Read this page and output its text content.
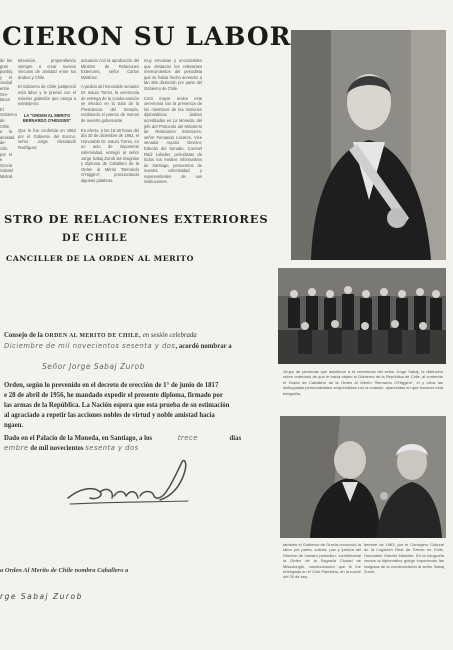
CIERON SU LABOR

de las gran pueblo, y el ciedad entre Gre- lanza

El Gobierno de Chile a la amistad de- ción por el e Grecia Gabriel Mistral.

televisión, propendiendo siempre a crear nuevos vínculos de amistad entre los árabes y Chile.

El Gobierno de Chile justipreció esta labor y le premió con el máximo galardón que otorga a extranjeros:

LA "ORDEN AL MERITO BERNARDO O'HIGGINS"

Que le fue conferida en 1962 por el Gobierno del Excmo. señor Jorge Alessandri Rodríguez

actuando con la aprobación del Ministro de Relaciones Exteriores, señor Carlos Martínez.

A pedido del honorable senador Dr. Isauro Torres, la ceremonia de entrega de la condecoración se efectuó en la Sala de la Presidencia del Senado, recibiendo el premio de manos de nuestro gobernante.

En efecto, a las 19.30 horas del día 30 de diciembre de 1962, el Honorable Dr. Isauro Torres, en un acto de imponente solemnidad, entregó al señor Jorge Sabaj Zurob las insignias y Diploma de Caballero de la Orden al Mérito "Bernardo O'Higgins", pronunciando algunas palabras.

muy emotivas y encomiables que destacan los relevantes merecimientos del periodista que se había hecho acreedor a tan alta distinción por parte del Gobierno de Chile.

Creó mayor realce esta ceremonia con la presencia de los miembros de las misiones diplomáticas árabes acreditadas en La Moneda, del jefe del Protocolo del Ministerio de Relaciones Exteriores, señor Fernando Lecaros, Vice senador Aquino Devisor, Edecán del Senado, Coronel Raúl Lobelier, periodistas de todos los medios informativos de Santiago, personeros de nuestra colectividad y representantes de sus instituciones.

STRO DE RELACIONES EXTERIORES
DE CHILE
CANCILLER DE LA ORDEN AL MERITO
Consejo de la ORDEN AL MERITO DE CHILE, en sesión celebrada
Diciembre de mil novecientos sesenta y dos, acordó nombrar a
Señor Jorge Sabaj Zurob
Orden, según lo prevenido en el decreto de erección de 1° de junio de 1817
e 28 de abril de 1956, he mandado expedir el presente diploma, firmado por
las armas de la República. La Nación espera que esta prueba de su estimación
al agraciado a repetir las acciones nobles de virtud y noble amistad hacia
ngaen.
Dado en el Palacio de la Moneda, en Santiago, a los	trece	días
embre de mil novecientos sesenta y dos
a Orden Al Merito de Chile nombra Caballero a
rge Sabaj Zurob
Grupo de personas que asistieron a la ceremonia del señor Jorge Sabaj, la distinción sobre ordenario de que le hacía objeto el Gobierno de la República de Chile, al conferirle el Grado de Caballero de la Orden Al Mérito "Bernardo O'Higgins", el y otros las distinguidas personalidades sorprendidas con la ocasión, aparecidas en que tomaron esta fotografía.
también el Gobierno de Grecia reconoció la labor por patria, cultura, paz y justicia del Director de nuestro periódico, confiriéndole la Orden de la Sagrada Ciudad de Missolonghi, condecoración que le fue entregada en el Club Palestino, en la noche del 26 de sep-
tiembre de 1963, por el Consejero Cultural de la Legación Real de Grecia en Chile, Honorable Gabriel Mistrotis. En la fotografía vemos al diplomático griego imponiendo las insignias de la condecoración al señor Sabaj Zurob.
